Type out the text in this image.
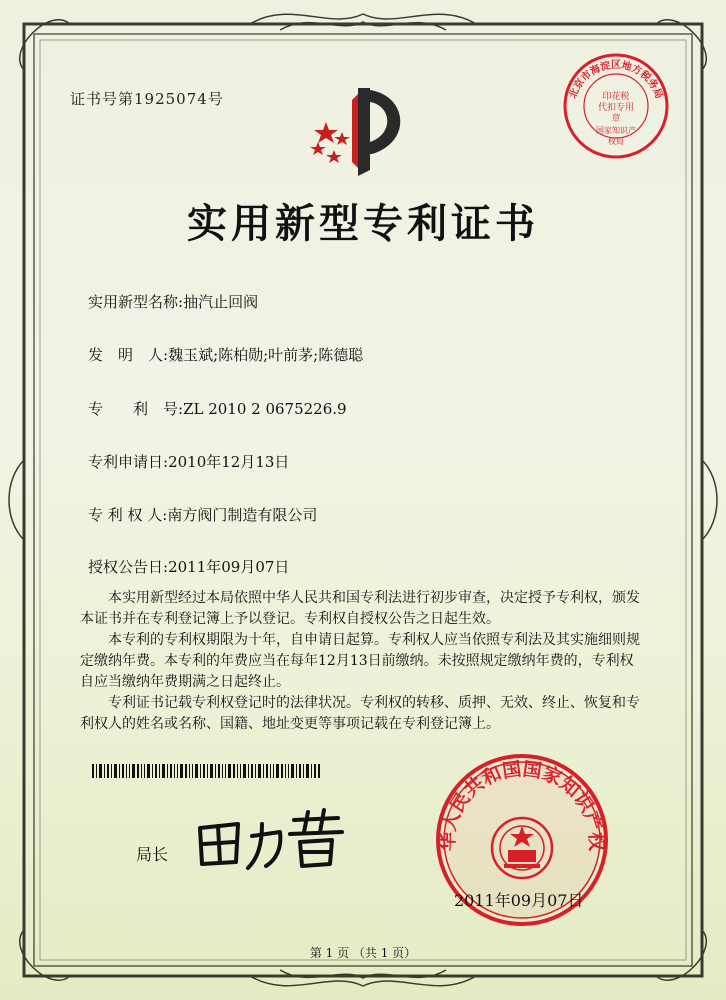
证书号第1925074号
实用新型专利证书
实用新型名称:抽汽止回阀
发　明　人:魏玉斌;陈柏勋;叶前茅;陈德聪
专　　利　号:ZL 2010 2 0675226.9
专利申请日:2010年12月13日
专 利 权 人:南方阀门制造有限公司
授权公告日:2011年09月07日

本实用新型经过本局依照中华人民共和国专利法进行初步审查，决定授予专利权，颁发本证书并在专利登记簿上予以登记。专利权自授权公告之日起生效。

本专利的专利权期限为十年，自申请日起算。专利权人应当依照专利法及其实施细则规定缴纳年费。本专利的年费应当在每年12月13日前缴纳。未按照规定缴纳年费的，专利权自应当缴纳年费期满之日起终止。

专利证书记载专利权登记时的法律状况。专利权的转移、质押、无效、终止、恢复和专利权人的姓名或名称、国籍、地址变更等事项记载在专利登记簿上。

局长
北京市海淀区地方税务局
印花税
代扣专用章
国家知识产权局
华人民共和国国家知识产权
2011年09月07日
第 1 页 （共 1 页）
